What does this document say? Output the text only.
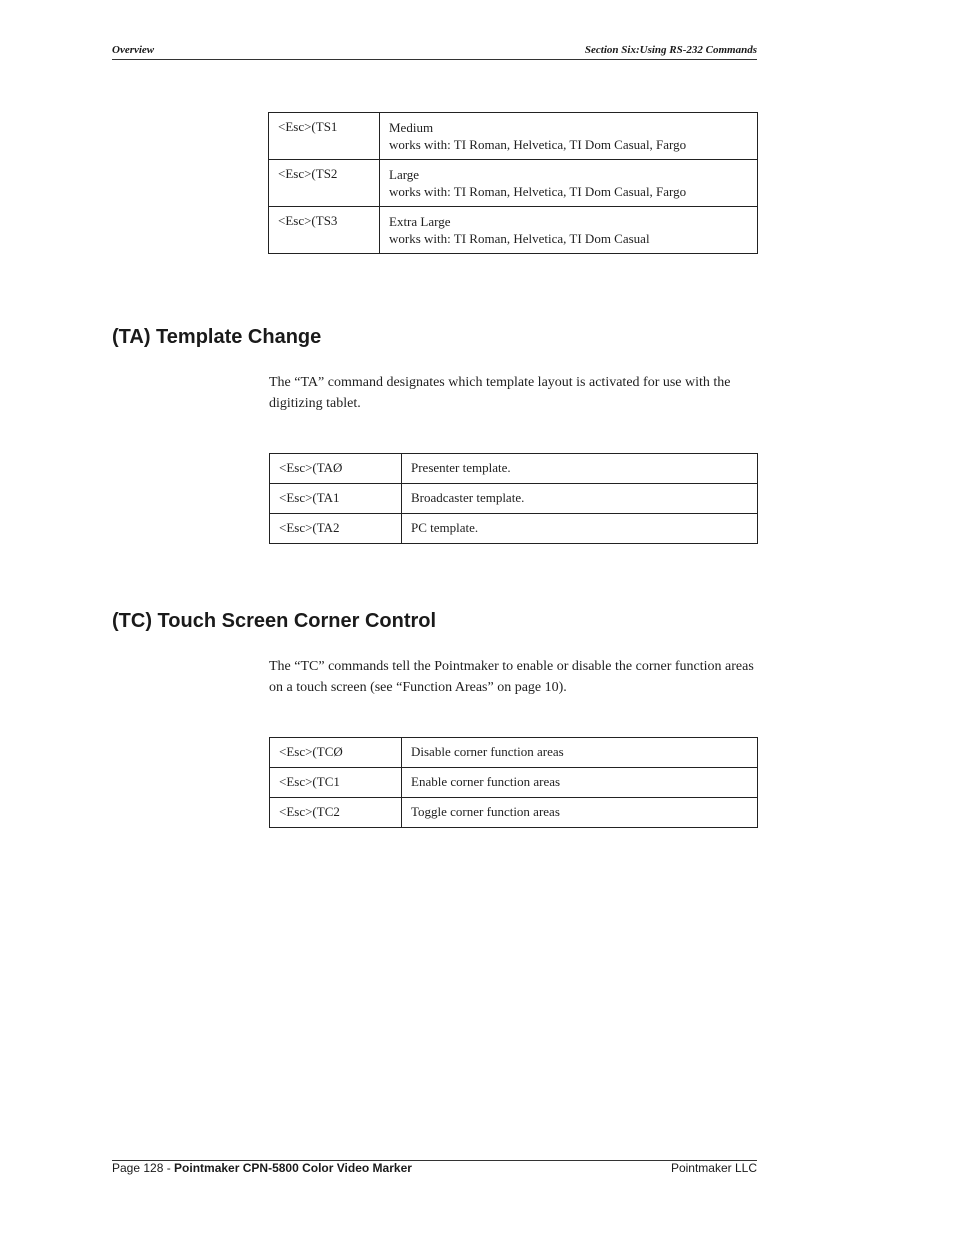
Overview	Section Six:Using RS-232 Commands
<Esc>(TS1	Medium
works with: TI Roman, Helvetica, TI Dom Casual, Fargo

<Esc>(TS2	Large
works with: TI Roman, Helvetica, TI Dom Casual, Fargo

<Esc>(TS3	Extra Large
works with: TI Roman, Helvetica, TI Dom Casual
(TA) Template Change

The “TA” command designates which template layout is activated for use with the digitizing tablet.

<Esc>(TAØ	Presenter template.
<Esc>(TA1	Broadcaster template.
<Esc>(TA2	PC template.
(TC) Touch Screen Corner Control

The “TC” commands tell the Pointmaker to enable or disable the corner function areas on a touch screen (see “Function Areas” on page 10).

<Esc>(TCØ	Disable corner function areas
<Esc>(TC1	Enable corner function areas
<Esc>(TC2	Toggle corner function areas
Page 128 - Pointmaker CPN-5800 Color Video Marker	Pointmaker LLC
